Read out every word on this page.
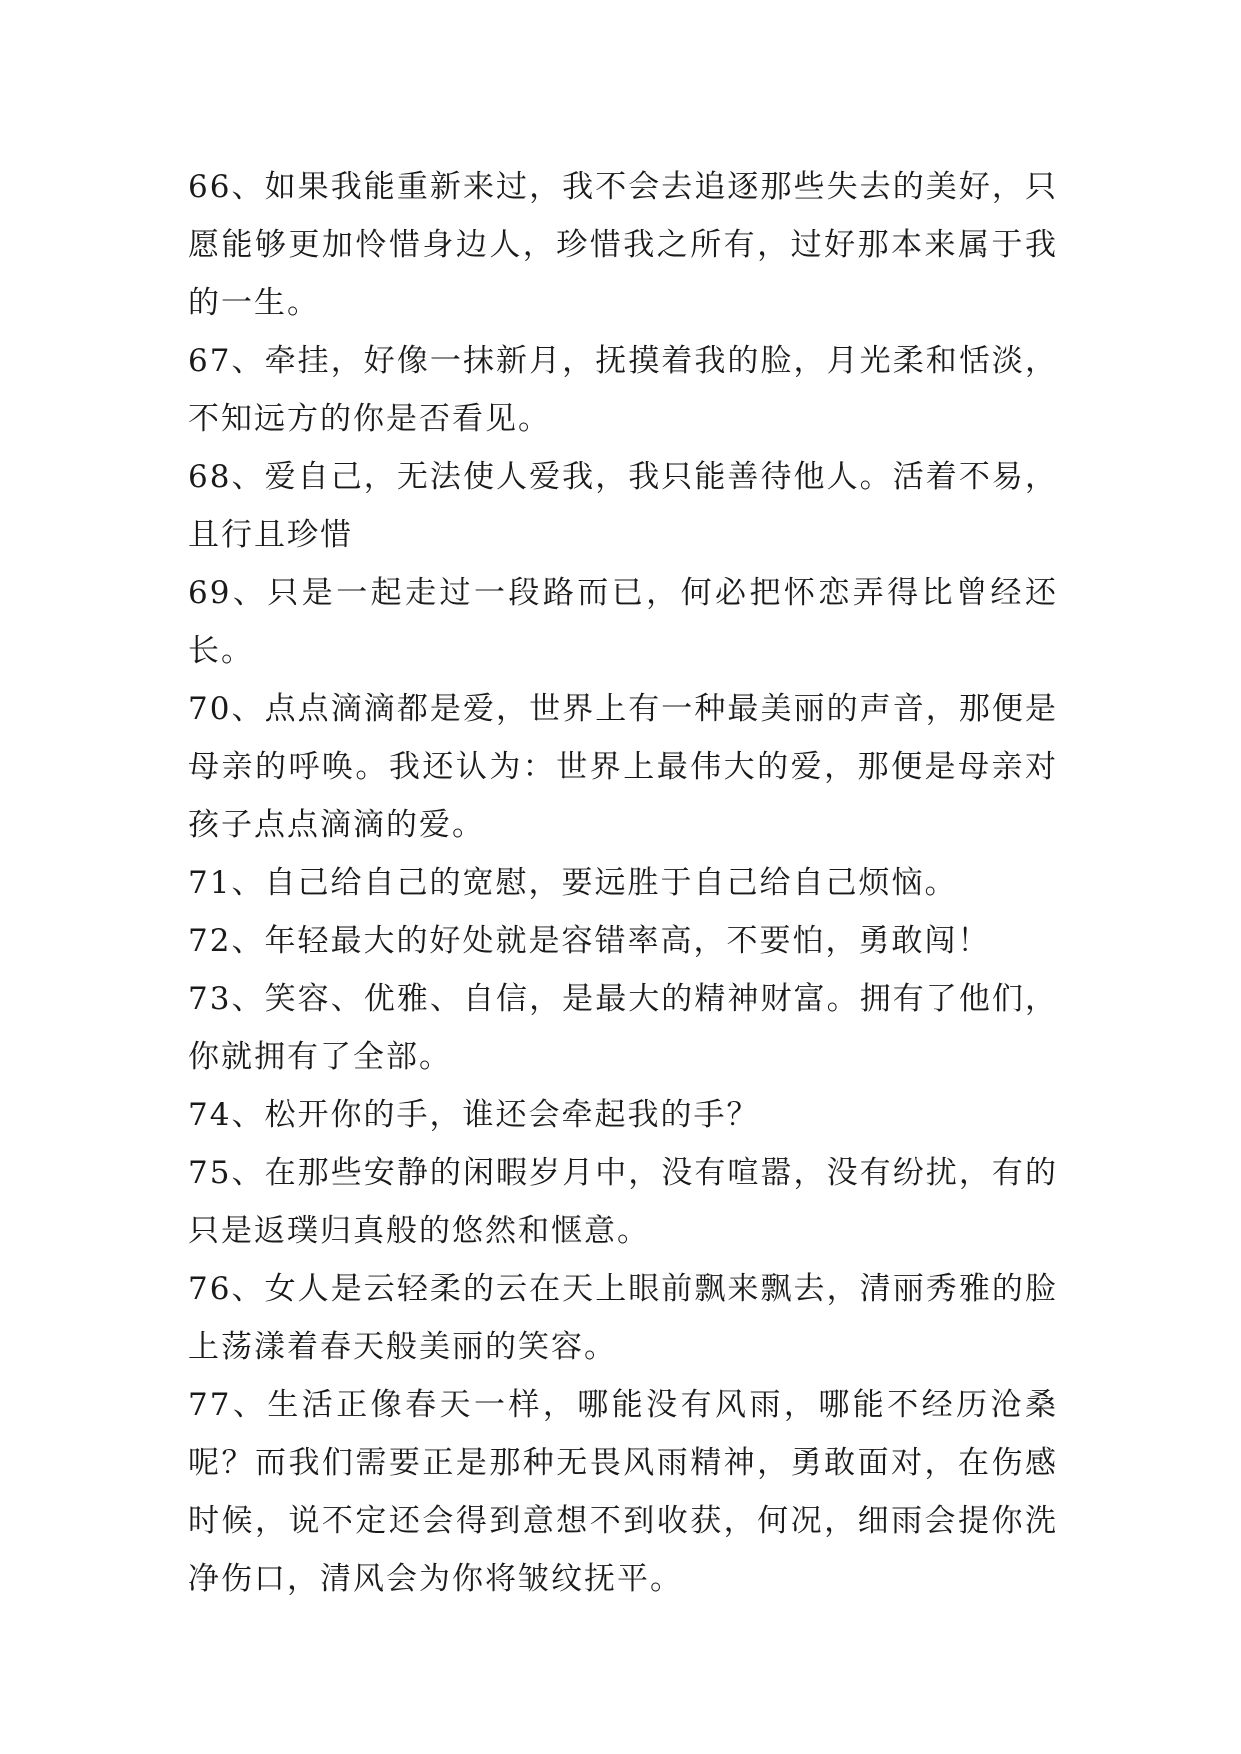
66、如果我能重新来过，我不会去追逐那些失去的美好，只愿能够更加怜惜身边人，珍惜我之所有，过好那本来属于我的一生。

67、牵挂，好像一抹新月，抚摸着我的脸，月光柔和恬淡，不知远方的你是否看见。

68、爱自己，无法使人爱我，我只能善待他人。活着不易，且行且珍惜

69、只是一起走过一段路而已，何必把怀恋弄得比曾经还长。

70、点点滴滴都是爱，世界上有一种最美丽的声音，那便是母亲的呼唤。我还认为：世界上最伟大的爱，那便是母亲对孩子点点滴滴的爱。

71、自己给自己的宽慰，要远胜于自己给自己烦恼。

72、年轻最大的好处就是容错率高，不要怕，勇敢闯！

73、笑容、优雅、自信，是最大的精神财富。拥有了他们，你就拥有了全部。

74、松开你的手，谁还会牵起我的手？

75、在那些安静的闲暇岁月中，没有喧嚣，没有纷扰，有的只是返璞归真般的悠然和惬意。

76、女人是云轻柔的云在天上眼前飘来飘去，清丽秀雅的脸上荡漾着春天般美丽的笑容。

77、生活正像春天一样，哪能没有风雨，哪能不经历沧桑呢？而我们需要正是那种无畏风雨精神，勇敢面对，在伤感时候，说不定还会得到意想不到收获，何况，细雨会提你洗净伤口，清风会为你将皱纹抚平。
